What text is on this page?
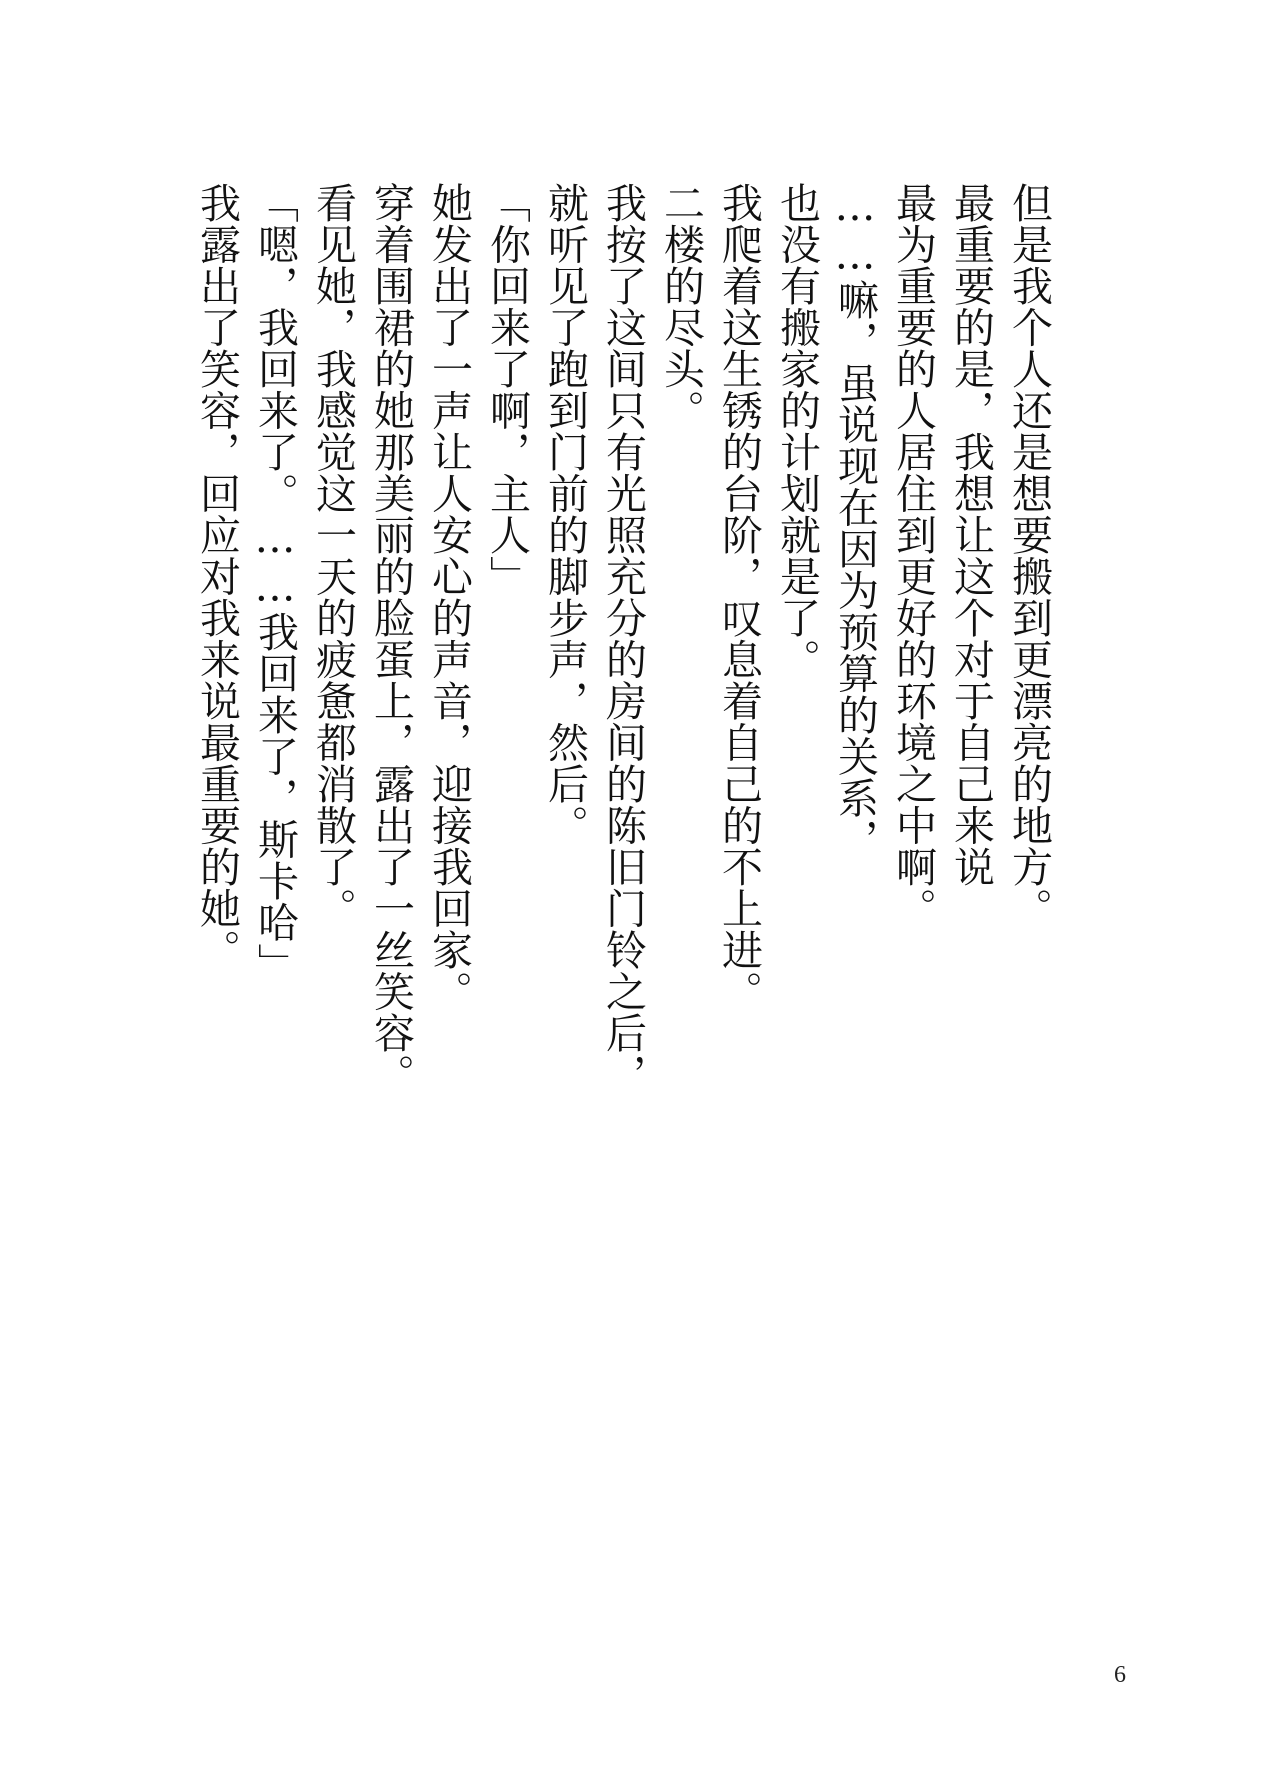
但是我个人还是想要搬到更漂亮的地方。
最重要的是，我想让这个对于自己来说
最为重要的人居住到更好的环境之中啊。
……嘛，虽说现在因为预算的关系，
也没有搬家的计划就是了。
我爬着这生锈的台阶，叹息着自己的不上进。
二楼的尽头。
我按了这间只有光照充分的房间的陈旧门铃之后，
就听见了跑到门前的脚步声，然后。
「你回来了啊，主人」
她发出了一声让人安心的声音，迎接我回家。
穿着围裙的她那美丽的脸蛋上，露出了一丝笑容。
看见她，我感觉这一天的疲惫都消散了。
「嗯，我回来了。……我回来了，斯卡哈」
我露出了笑容，回应对我来说最重要的她。
6
